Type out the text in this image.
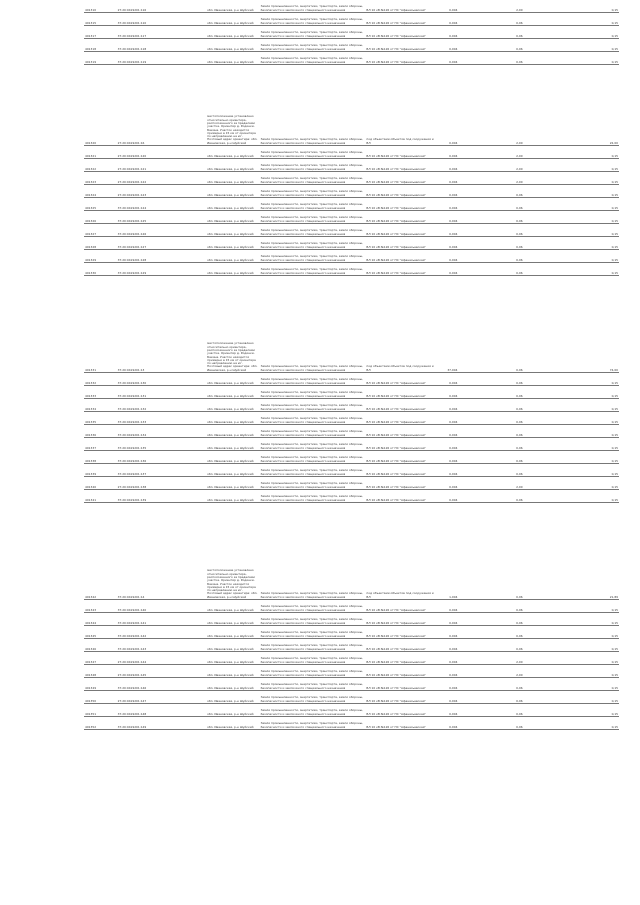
401310	27:20:0419201:116		обл. Ивановская, р-н Шуйский	Земли промышленности, энергетики, транспорта, земли обороны, безопасности и земли иного специального назначения	ВЛ 10 кВ №126 от ПС "Афанасьевская"	0,004	2,00		0,15
401315	37:20:0419201:110		обл. Ивановская, р-н Шуйский	Земли промышленности, энергетики, транспорта, земли обороны, безопасности и земли иного специального назначения	ВЛ 10 кВ №126 от ПС "Афанасьевская"	0,004	0,96		0,15
401317	37:20:0419201:117		обл. Ивановская, р-н Шуйский	Земли промышленности, энергетики, транспорта, земли обороны, безопасности и земли иного специального назначения	ВЛ 10 кВ №126 от ПС "Афанасьевская"	0,004	0,96		0,15
401318	37:20:0419201:118		обл. Ивановская, р-н Шуйский	Земли промышленности, энергетики, транспорта, земли обороны, безопасности и земли иного специального назначения	ВЛ 10 кВ №126 от ПС "Афанасьевская"	0,004	0,96		0,15
401319	37:20:0419201:119		обл. Ивановская, р-н Шуйский	Земли промышленности, энергетики, транспорта, земли обороны, безопасности и земли иного специального назначения	ВЛ 10 кВ №126 от ПС "Афанасьевская"	0,004	0,96		0,15
401320	27:20:0419201:16		местоположение установлено относительно ориентира, расположенного за пределами участка. Ориентир д. Родинки-Бакина. Участок находится примерно в 15 км от ориентира по направлению на юг. Почтовый адрес ориентира: обл. Ивановская, р-н Шуйский	Земли промышленности, энергетики, транспорта, земли обороны, безопасности и земли иного специального назначения	под объектами объектов под сооружения и ВЛ	0,004	2,00		22,00
401321	27:20:0419201:120		обл. Ивановская, р-н Шуйский	Земли промышленности, энергетики, транспорта, земли обороны, безопасности и земли иного специального назначения	ВЛ 10 кВ №126 от ПС "Афанасьевская"	0,004	2,00		0,15
401322	27:20:0419201:121		обл. Ивановская, р-н Шуйский	Земли промышленности, энергетики, транспорта, земли обороны, безопасности и земли иного специального назначения	ВЛ 10 кВ №126 от ПС "Афанасьевская"	0,004	2,00		0,15
401323	27:20:0419201:122		обл. Ивановская, р-н Шуйский	Земли промышленности, энергетики, транспорта, земли обороны, безопасности и земли иного специального назначения	ВЛ 10 кВ №126 от ПС "Афанасьевская"	0,004	2,00		0,15
401324	27:20:0419201:123		обл. Ивановская, р-н Шуйский	Земли промышленности, энергетики, транспорта, земли обороны, безопасности и земли иного специального назначения	ВЛ 10 кВ №126 от ПС "Афанасьевская"	0,004	0,96		0,15
401325	37:20:0419201:124		обл. Ивановская, р-н Шуйский	Земли промышленности, энергетики, транспорта, земли обороны, безопасности и земли иного специального назначения	ВЛ 10 кВ №126 от ПС "Афанасьевская"	0,004	0,96		0,15
401326	37:20:0419201:125		обл. Ивановская, р-н Шуйский	Земли промышленности, энергетики, транспорта, земли обороны, безопасности и земли иного специального назначения	ВЛ 10 кВ №126 от ПС "Афанасьевская"	0,004	0,96		0,15
401327	37:20:0419201:126		обл. Ивановская, р-н Шуйский	Земли промышленности, энергетики, транспорта, земли обороны, безопасности и земли иного специального назначения	ВЛ 10 кВ №126 от ПС "Афанасьевская"	0,004	0,96		0,15
401328	37:20:0419201:127		обл. Ивановская, р-н Шуйский	Земли промышленности, энергетики, транспорта, земли обороны, безопасности и земли иного специального назначения	ВЛ 10 кВ №126 от ПС "Афанасьевская"	0,004	0,96		0,15
401329	37:20:0419201:128		обл. Ивановская, р-н Шуйский	Земли промышленности, энергетики, транспорта, земли обороны, безопасности и земли иного специального назначения	ВЛ 10 кВ №126 от ПС "Афанасьевская"	0,004	0,96		0,15
401330	37:20:0419201:129		обл. Ивановская, р-н Шуйский	Земли промышленности, энергетики, транспорта, земли обороны, безопасности и земли иного специального назначения	ВЛ 10 кВ №126 от ПС "Афанасьевская"	0,004	0,96		0,15
401331	37:20:0419201:13		местоположение установлено относительно ориентира, расположенного за пределами участка. Ориентир д. Родинки-Бакина. Участок находится примерно в 15 км от ориентира по направлению на юг. Почтовый адрес ориентира: обл. Ивановская, р-н Шуйский	Земли промышленности, энергетики, транспорта, земли обороны, безопасности и земли иного специального назначения	под объектами объектов под сооружения и ВЛ	37,004	0,96		74,00
401332	37:20:0419201:130		обл. Ивановская, р-н Шуйский	Земли промышленности, энергетики, транспорта, земли обороны, безопасности и земли иного специального назначения	ВЛ 10 кВ №126 от ПС "Афанасьевская"	0,004	0,96		0,15
401333	37:20:0419201:131		обл. Ивановская, р-н Шуйский	Земли промышленности, энергетики, транспорта, земли обороны, безопасности и земли иного специального назначения	ВЛ 10 кВ №126 от ПС "Афанасьевская"	0,004	0,96		0,15
401334	37:20:0419201:132		обл. Ивановская, р-н Шуйский	Земли промышленности, энергетики, транспорта, земли обороны, безопасности и земли иного специального назначения	ВЛ 10 кВ №126 от ПС "Афанасьевская"	0,004	0,96		0,15
401335	37:20:0419201:133		обл. Ивановская, р-н Шуйский	Земли промышленности, энергетики, транспорта, земли обороны, безопасности и земли иного специального назначения	ВЛ 10 кВ №126 от ПС "Афанасьевская"	0,004	0,96		0,15
401336	37:20:0419201:134		обл. Ивановская, р-н Шуйский	Земли промышленности, энергетики, транспорта, земли обороны, безопасности и земли иного специального назначения	ВЛ 10 кВ №126 от ПС "Афанасьевская"	0,004	0,96		0,15
401337	37:20:0419201:135		обл. Ивановская, р-н Шуйский	Земли промышленности, энергетики, транспорта, земли обороны, безопасности и земли иного специального назначения	ВЛ 10 кВ №126 от ПС "Афанасьевская"	0,004	0,96		0,15
401338	37:20:0419201:136		обл. Ивановская, р-н Шуйский	Земли промышленности, энергетики, транспорта, земли обороны, безопасности и земли иного специального назначения	ВЛ 10 кВ №126 от ПС "Афанасьевская"	0,004	0,96		0,15
401339	37:20:0419201:137		обл. Ивановская, р-н Шуйский	Земли промышленности, энергетики, транспорта, земли обороны, безопасности и земли иного специального назначения	ВЛ 10 кВ №126 от ПС "Афанасьевская"	0,004	0,96		0,15
401340	27:20:0419201:138		обл. Ивановская, р-н Шуйский	Земли промышленности, энергетики, транспорта, земли обороны, безопасности и земли иного специального назначения	ВЛ 10 кВ №126 от ПС "Афанасьевская"	0,004	2,00		0,15
401341	37:20:0419201:139		обл. Ивановская, р-н Шуйский	Земли промышленности, энергетики, транспорта, земли обороны, безопасности и земли иного специального назначения	ВЛ 10 кВ №126 от ПС "Афанасьевская"	0,004	0,96		0,15
401342	37:20:0419201:14		местоположение установлено относительно ориентира, расположенного за пределами участка. Ориентир д. Родинки-Бакина. Участок находится примерно в 15 км от ориентира по направлению на юг. Почтовый адрес ориентира: обл. Ивановская, р-н Шуйский	Земли промышленности, энергетики, транспорта, земли обороны, безопасности и земли иного специального назначения	под объектами объектов под сооружения и ВЛ	1,004	0,96		21,89
401343	37:20:0419201:140		обл. Ивановская, р-н Шуйский	Земли промышленности, энергетики, транспорта, земли обороны, безопасности и земли иного специального назначения	ВЛ 10 кВ №126 от ПС "Афанасьевская"	0,004	0,96		0,15
401344	37:20:0419201:141		обл. Ивановская, р-н Шуйский	Земли промышленности, энергетики, транспорта, земли обороны, безопасности и земли иного специального назначения	ВЛ 10 кВ №126 от ПС "Афанасьевская"	0,004	0,96		0,15
401345	37:20:0419201:142		обл. Ивановская, р-н Шуйский	Земли промышленности, энергетики, транспорта, земли обороны, безопасности и земли иного специального назначения	ВЛ 10 кВ №126 от ПС "Афанасьевская"	0,004	0,96		0,15
401346	37:20:0419201:143		обл. Ивановская, р-н Шуйский	Земли промышленности, энергетики, транспорта, земли обороны, безопасности и земли иного специального назначения	ВЛ 10 кВ №126 от ПС "Афанасьевская"	0,004	0,96		0,15
401347	27:20:0419201:144		обл. Ивановская, р-н Шуйский	Земли промышленности, энергетики, транспорта, земли обороны, безопасности и земли иного специального назначения	ВЛ 10 кВ №126 от ПС "Афанасьевская"	0,004	2,00		0,15
401348	27:20:0419201:145		обл. Ивановская, р-н Шуйский	Земли промышленности, энергетики, транспорта, земли обороны, безопасности и земли иного специального назначения	ВЛ 10 кВ №126 от ПС "Афанасьевская"	0,004	2,00		0,15
401349	37:20:0419201:146		обл. Ивановская, р-н Шуйский	Земли промышленности, энергетики, транспорта, земли обороны, безопасности и земли иного специального назначения	ВЛ 10 кВ №126 от ПС "Афанасьевская"	0,004	0,96		0,15
401350	27:20:0419201:147		обл. Ивановская, р-н Шуйский	Земли промышленности, энергетики, транспорта, земли обороны, безопасности и земли иного специального назначения	ВЛ 10 кВ №126 от ПС "Афанасьевская"	0,004	0,96		0,15
401351	37:20:0419201:148		обл. Ивановская, р-н Шуйский	Земли промышленности, энергетики, транспорта, земли обороны, безопасности и земли иного специального назначения	ВЛ 10 кВ №126 от ПС "Афанасьевская"	0,004	0,96		0,15
401352	37:20:0419201:149		обл. Ивановская, р-н Шуйский	Земли промышленности, энергетики, транспорта, земли обороны, безопасности и земли иного специального назначения	ВЛ 10 кВ №126 от ПС "Афанасьевская"	0,004	0,96		0,15
